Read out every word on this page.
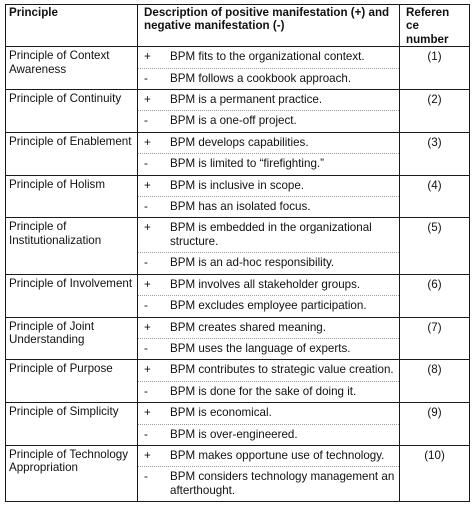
Principle	Description of positive manifestation (+) and negative manifestation (-)	Referen
ce
number

Principle of Context Awareness	+ BPM fits to the organizational context.
- BPM follows a cookbook approach.	(1)
Principle of Continuity	+ BPM is a permanent practice.
- BPM is a one-off project.	(2)
Principle of Enablement	+ BPM develops capabilities.
- BPM is limited to “firefighting.”	(3)
Principle of Holism	+ BPM is inclusive in scope.
- BPM has an isolated focus.	(4)
Principle of Institutionalization	+ BPM is embedded in the organizational structure.
- BPM is an ad-hoc responsibility.	(5)
Principle of Involvement	+ BPM involves all stakeholder groups.
- BPM excludes employee participation.	(6)
Principle of Joint Understanding	+ BPM creates shared meaning.
- BPM uses the language of experts.	(7)
Principle of Purpose	+ BPM contributes to strategic value creation.
- BPM is done for the sake of doing it.	(8)
Principle of Simplicity	+ BPM is economical.
- BPM is over-engineered.	(9)
Principle of Technology Appropriation	+ BPM makes opportune use of technology.
- BPM considers technology management an afterthought.	(10)
